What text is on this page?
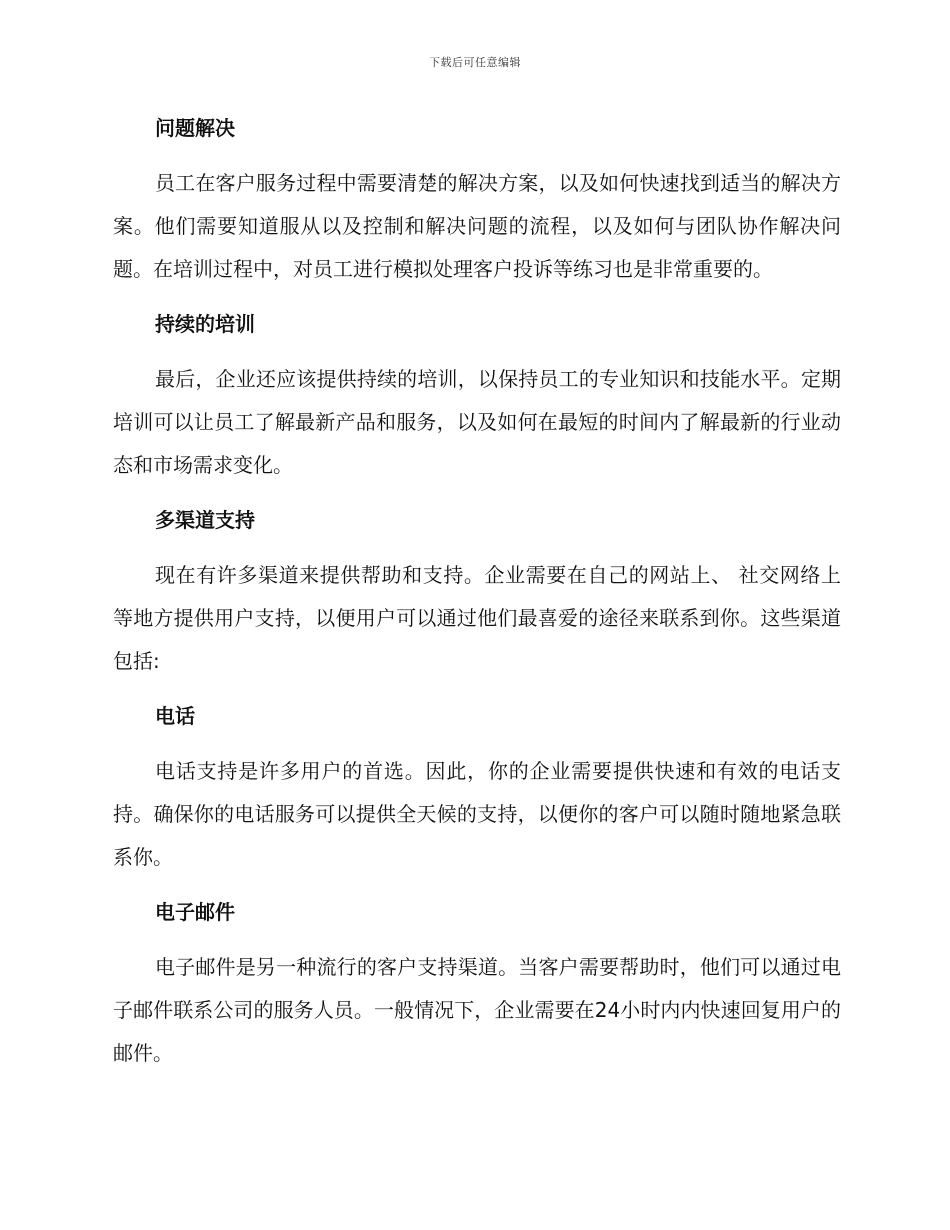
下载后可任意编辑
问题解决

员工在客户服务过程中需要清楚的解决方案，以及如何快速找到适当的解决方案。他们需要知道服从以及控制和解决问题的流程，以及如何与团队协作解决问题。在培训过程中，对员工进行模拟处理客户投诉等练习也是非常重要的。

持续的培训

最后，企业还应该提供持续的培训，以保持员工的专业知识和技能水平。定期培训可以让员工了解最新产品和服务，以及如何在最短的时间内了解最新的行业动态和市场需求变化。

多渠道支持

现在有许多渠道来提供帮助和支持。企业需要在自己的网站上、 社交网络上等地方提供用户支持，以便用户可以通过他们最喜爱的途径来联系到你。这些渠道包括:

电话

电话支持是许多用户的首选。因此，你的企业需要提供快速和有效的电话支持。确保你的电话服务可以提供全天候的支持，以便你的客户可以随时随地紧急联系你。

电子邮件

电子邮件是另一种流行的客户支持渠道。当客户需要帮助时，他们可以通过电子邮件联系公司的服务人员。一般情况下，企业需要在24小时内内快速回复用户的邮件。
